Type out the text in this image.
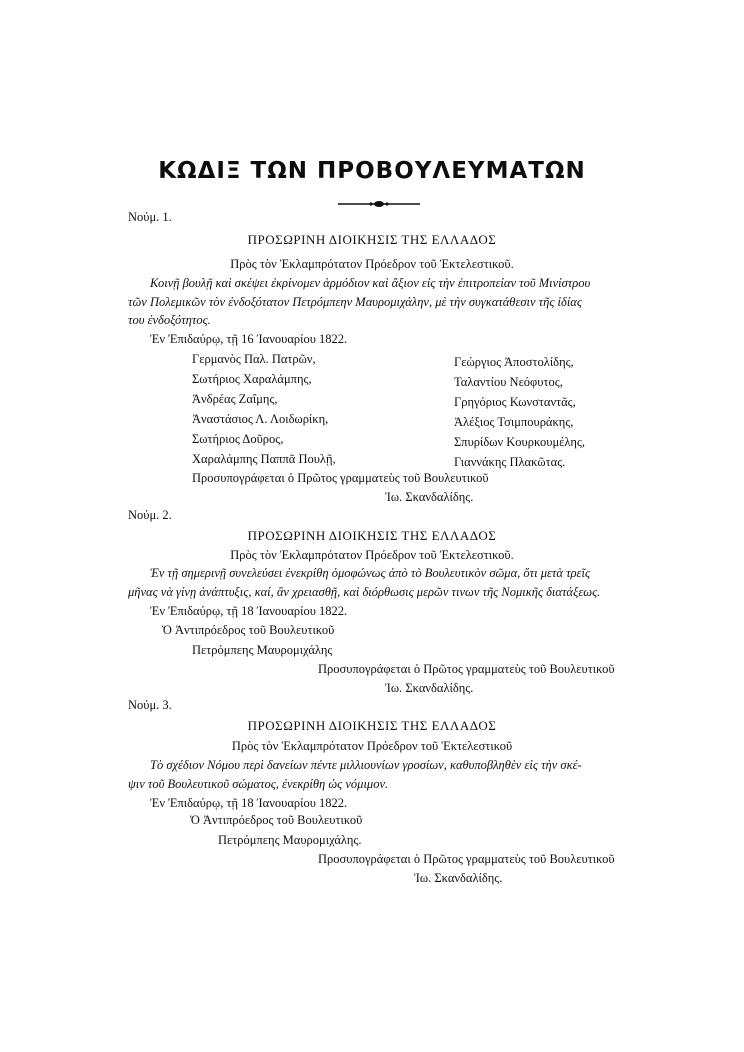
ΚΩΔΙΞ ΤΩΝ ΠΡΟΒΟΥΛΕΥΜΑΤΩΝ
Νούμ. 1.
ΠΡΟΣΩΡΙΝΗ ΔΙΟΙΚΗΣΙΣ ΤΗΣ ΕΛΛΑΔΟΣ
Πρὸς τὸν Ἐκλαμπρότατον Πρόεδρον τοῦ Ἐκτελεστικοῦ.
Κοινῇ βουλῇ καὶ σκέψει ἐκρίνομεν ἁρμόδιον καὶ ἄξιον εἰς τὴν ἐπιτροπείαν τοῦ Μινίστρου
τῶν Πολεμικῶν τὸν ἐνδοξότατον Πετρόμπεην Μαυρομιχάλην, μὲ τὴν συγκατάθεσιν τῆς ἰδίας
του ἐνδοξότητος.
Ἐν Ἐπιδαύρῳ, τῇ 16 Ἰανουαρίου 1822.
Γερμανὸς Παλ. Πατρῶν,
Σωτήριος Χαραλάμπης,
Ἀνδρέας Ζαΐμης,
Ἀναστάσιος Λ. Λοιδωρίκη,
Σωτήριος Δοῦρος,
Χαραλάμπης Παππᾶ Πουλῇ,
Γεώργιος Ἀποστολίδης,
Ταλαντίου Νεόφυτος,
Γρηγόριος Κωνσταντᾶς,
Ἀλέξιος Τσιμπουράκης,
Σπυρίδων Κουρκουμέλης,
Γιαννάκης Πλακῶτας.
Προσυπογράφεται ὁ Πρῶτος γραμματεὺς τοῦ Βουλευτικοῦ
Ἰω. Σκανδαλίδης.
Νούμ. 2.
ΠΡΟΣΩΡΙΝΗ ΔΙΟΙΚΗΣΙΣ ΤΗΣ ΕΛΛΑΔΟΣ
Πρὸς τὸν Ἐκλαμπρότατον Πρόεδρον τοῦ Ἐκτελεστικοῦ.
Ἐν τῇ σημερινῇ συνελεύσει ἐνεκρίθη ὁμοφώνως ἀπὸ τὸ Βουλευτικὸν σῶμα, ὅτι μετὰ τρεῖς
μῆνας νὰ γίνῃ ἀνάπτυξις, καί, ἂν χρειασθῇ, καὶ διόρθωσις μερῶν τινων τῆς Νομικῆς διατάξεως.
Ἐν Ἐπιδαύρῳ, τῇ 18 Ἰανουαρίου 1822.
Ὁ Ἀντιπρόεδρος τοῦ Βουλευτικοῦ
Πετρόμπεης Μαυρομιχάλης
Προσυπογράφεται ὁ Πρῶτος γραμματεὺς τοῦ Βουλευτικοῦ
Ἰω. Σκανδαλίδης.
Νούμ. 3.
ΠΡΟΣΩΡΙΝΗ ΔΙΟΙΚΗΣΙΣ ΤΗΣ ΕΛΛΑΔΟΣ
Πρὸς τὸν Ἐκλαμπρότατον Πρόεδρον τοῦ Ἐκτελεστικοῦ
Τὸ σχέδιον Νόμου περὶ δανείων πέντε μιλλιουνίων γροσίων, καθυποβληθὲν εἰς τὴν σκέ-
ψιν τοῦ Βουλευτικοῦ σώματος, ἐνεκρίθη ὡς νόμιμον.
Ἐν Ἐπιδαύρῳ, τῇ 18 Ἰανουαρίου 1822.
Ὁ Ἀντιπρόεδρος τοῦ Βουλευτικοῦ
Πετρόμπεης Μαυρομιχάλης.
Προσυπογράφεται ὁ Πρῶτος γραμματεὺς τοῦ Βουλευτικοῦ
Ἰω. Σκανδαλίδης.
